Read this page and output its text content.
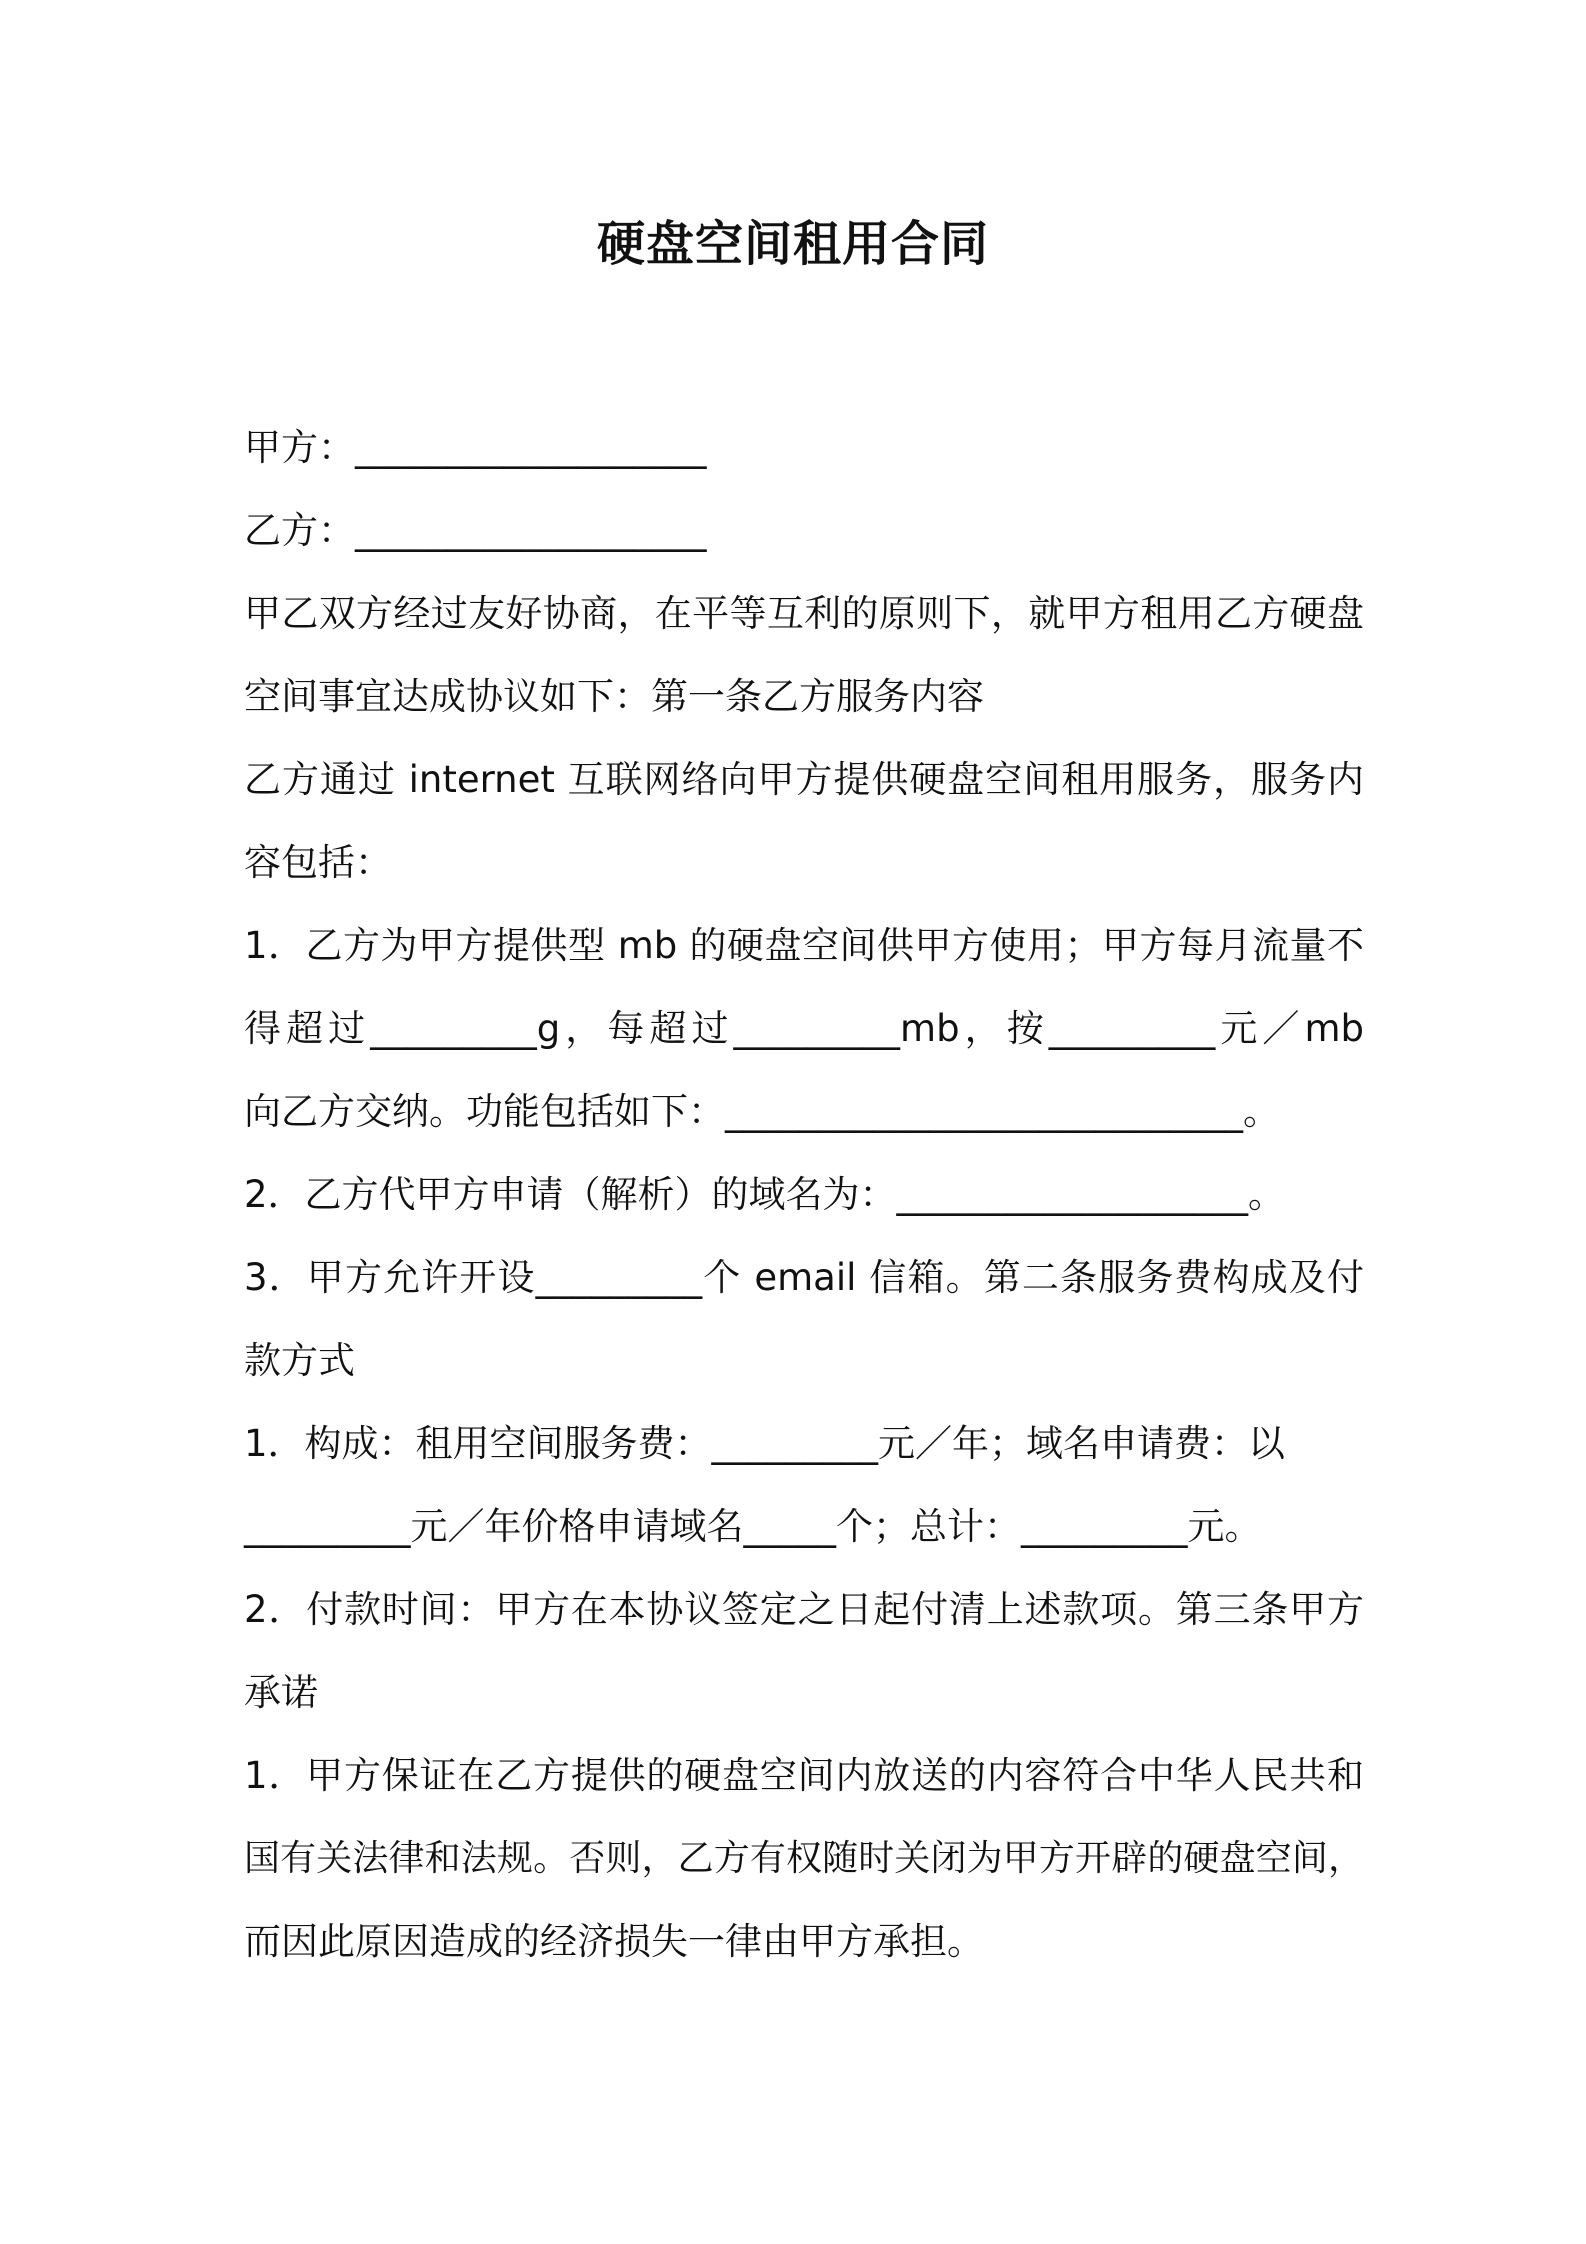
硬盘空间租用合同

甲方：___________________

乙方：___________________

甲乙双方经过友好协商，在平等互利的原则下，就甲方租用乙方硬盘

空间事宜达成协议如下：第一条乙方服务内容

乙方通过 internet 互联网络向甲方提供硬盘空间租用服务，服务内

容包括：

1．乙方为甲方提供型 mb 的硬盘空间供甲方使用；甲方每月流量不

得超过_________g，每超过_________mb，按_________元／mb

向乙方交纳。功能包括如下：____________________________。

2．乙方代甲方申请（解析）的域名为：___________________。

3．甲方允许开设_________个 email 信箱。第二条服务费构成及付

款方式

1．构成：租用空间服务费：_________元／年；域名申请费：以

_________元／年价格申请域名_____个；总计：_________元。

2．付款时间：甲方在本协议签定之日起付清上述款项。第三条甲方

承诺

1．甲方保证在乙方提供的硬盘空间内放送的内容符合中华人民共和

国有关法律和法规。否则，乙方有权随时关闭为甲方开辟的硬盘空间，

而因此原因造成的经济损失一律由甲方承担。
